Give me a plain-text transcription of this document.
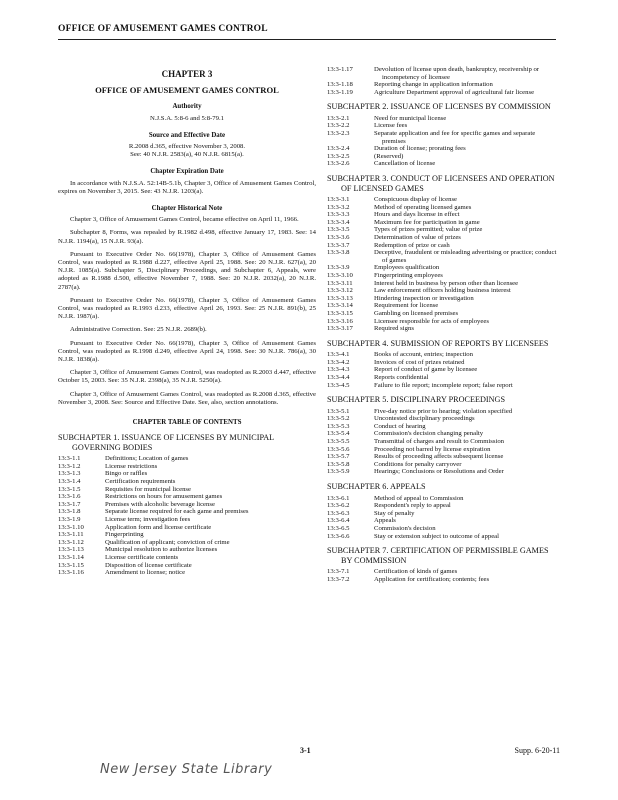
OFFICE OF AMUSEMENT GAMES CONTROL
CHAPTER 3
OFFICE OF AMUSEMENT GAMES CONTROL
Authority
N.J.S.A. 5:8-6 and 5:8-79.1
Source and Effective Date
R.2008 d.365, effective November 3, 2008.
See: 40 N.J.R. 2583(a), 40 N.J.R. 6815(a).
Chapter Expiration Date
In accordance with N.J.S.A. 52:14B-5.1b, Chapter 3, Office of Amusement Games Control, expires on November 3, 2015. See: 43 N.J.R. 1203(a).
Chapter Historical Note
Chapter 3, Office of Amusement Games Control, became effective on April 11, 1966.
Subchapter 8, Forms, was repealed by R.1982 d.498, effective January 17, 1983. See: 14 N.J.R. 1194(a), 15 N.J.R. 93(a).
Pursuant to Executive Order No. 66(1978), Chapter 3, Office of Amusement Games Control, was readopted as R.1988 d.227, effective April 25, 1988. See: 20 N.J.R. 627(a), 20 N.J.R. 1085(a). Subchapter 5, Disciplinary Proceedings, and Subchapter 6, Appeals, were adopted as R.1988 d.500, effective November 7, 1988. See: 20 N.J.R. 2032(a), 20 N.J.R. 2787(a).
Pursuant to Executive Order No. 66(1978), Chapter 3, Office of Amusement Games Control, was readopted as R.1993 d.233, effective April 26, 1993. See: 25 N.J.R. 891(b), 25 N.J.R. 1987(a).
Administrative Correction. See: 25 N.J.R. 2689(b).
Pursuant to Executive Order No. 66(1978), Chapter 3, Office of Amusement Games Control, was readopted as R.1998 d.249, effective April 24, 1998. See: 30 N.J.R. 786(a), 30 N.J.R. 1838(a).
Chapter 3, Office of Amusement Games Control, was readopted as R.2003 d.447, effective October 15, 2003. See: 35 N.J.R. 2398(a), 35 N.J.R. 5250(a).
Chapter 3, Office of Amusement Games Control, was readopted as R.2008 d.365, effective November 3, 2008. See: Source and Effective Date. See, also, section annotations.
CHAPTER TABLE OF CONTENTS
SUBCHAPTER 1. ISSUANCE OF LICENSES BY MUNICIPAL GOVERNING BODIES
13:3-1.1	Definitions; Location of games
13:3-1.2	License restrictions
13:3-1.3	Bingo or raffles
13:3-1.4	Certification requirements
13:3-1.5	Requisites for municipal license
13:3-1.6	Restrictions on hours for amusement games
13:3-1.7	Premises with alcoholic beverage license
13:3-1.8	Separate license required for each game and premises
13:3-1.9	License term; investigation fees
13:3-1.10	Application form and license certificate
13:3-1.11	Fingerprinting
13:3-1.12	Qualification of applicant; conviction of crime
13:3-1.13	Municipal resolution to authorize licenses
13:3-1.14	License certificate contents
13:3-1.15	Disposition of license certificate
13:3-1.16	Amendment to license; notice
13:3-1.17	Devolution of license upon death, bankruptcy, receivership or incompetency of licensee
13:3-1.18	Reporting change in application information
13:3-1.19	Agriculture Department approval of agricultural fair license
SUBCHAPTER 2. ISSUANCE OF LICENSES BY COMMISSION
13:3-2.1	Need for municipal license
13:3-2.2	License fees
13:3-2.3	Separate application and fee for specific games and separate premises
13:3-2.4	Duration of license; prorating fees
13:3-2.5	(Reserved)
13:3-2.6	Cancellation of license
SUBCHAPTER 3. CONDUCT OF LICENSEES AND OPERATION OF LICENSED GAMES
13:3-3.1	Conspicuous display of license
13:3-3.2	Method of operating licensed games
13:3-3.3	Hours and days license in effect
13:3-3.4	Maximum fee for participation in game
13:3-3.5	Types of prizes permitted; value of prize
13:3-3.6	Determination of value of prizes
13:3-3.7	Redemption of prize or cash
13:3-3.8	Deceptive, fraudulent or misleading advertising or practice; conduct of games
13:3-3.9	Employees qualification
13:3-3.10	Fingerprinting employees
13:3-3.11	Interest held in business by person other than licensee
13:3-3.12	Law enforcement officers holding business interest
13:3-3.13	Hindering inspection or investigation
13:3-3.14	Requirement for license
13:3-3.15	Gambling on licensed premises
13:3-3.16	Licensee responsible for acts of employees
13:3-3.17	Required signs
SUBCHAPTER 4. SUBMISSION OF REPORTS BY LICENSEES
13:3-4.1	Books of account, entries; inspection
13:3-4.2	Invoices of cost of prizes retained
13:3-4.3	Report of conduct of game by licensee
13:3-4.4	Reports confidential
13:3-4.5	Failure to file report; incomplete report; false report
SUBCHAPTER 5. DISCIPLINARY PROCEEDINGS
13:3-5.1	Five-day notice prior to hearing; violation specified
13:3-5.2	Uncontested disciplinary proceedings
13:3-5.3	Conduct of hearing
13:3-5.4	Commission's decision changing penalty
13:3-5.5	Transmittal of charges and result to Commission
13:3-5.6	Proceeding not barred by license expiration
13:3-5.7	Results of proceeding affects subsequent license
13:3-5.8	Conditions for penalty carryover
13:3-5.9	Hearings; Conclusions or Resolutions and Order
SUBCHAPTER 6. APPEALS
13:3-6.1	Method of appeal to Commission
13:3-6.2	Respondent's reply to appeal
13:3-6.3	Stay of penalty
13:3-6.4	Appeals
13:3-6.5	Commission's decision
13:3-6.6	Stay or extension subject to outcome of appeal
SUBCHAPTER 7. CERTIFICATION OF PERMISSIBLE GAMES BY COMMISSION
13:3-7.1	Certification of kinds of games
13:3-7.2	Application for certification; contents; fees
3-1	Supp. 6-20-11
New Jersey State Library
